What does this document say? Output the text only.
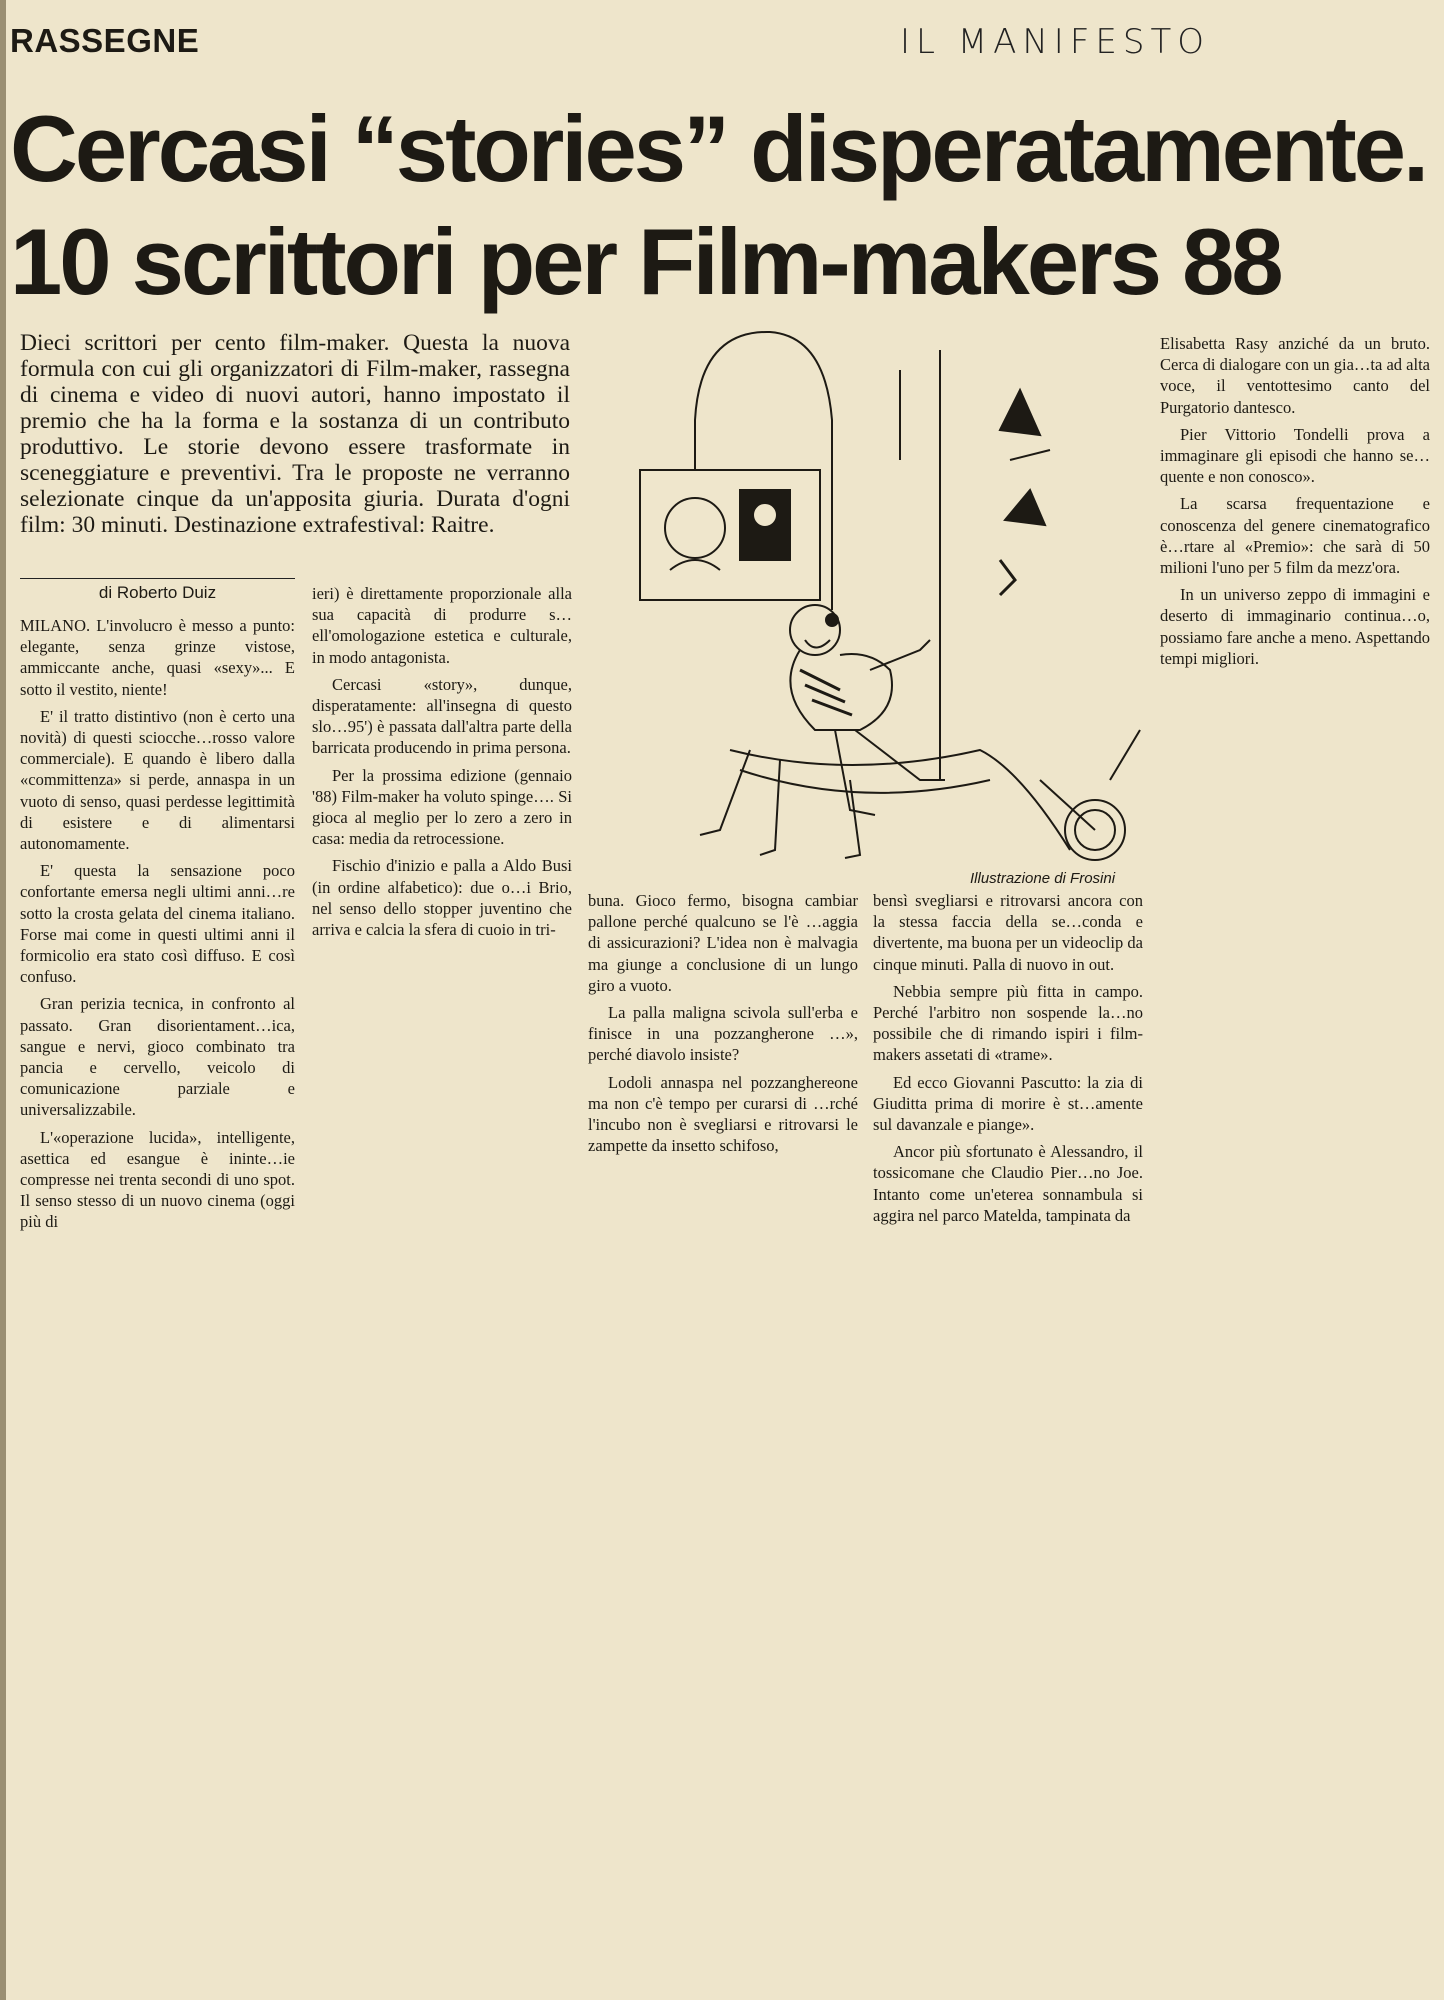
RASSEGNE	IL MANIFESTO
Cercasi “stories” disperatamente.
10 scrittori per Film-makers 88

Dieci scrittori per cento film-maker. Questa la nuova formula con cui gli organizzatori di Film-maker, rassegna di cinema e video di nuovi autori, hanno impostato il premio che ha la forma e la sostanza di un contributo produttivo. Le storie devono essere trasformate in sceneggiature e preventivi. Tra le proposte ne verranno selezionate cinque da un'apposita giuria. Durata d'ogni film: 30 minuti. Destinazione extrafestival: Raitre.

di Roberto Duiz

MILANO. L'involucro è messo a punto: elegante, senza grinze vistose, ammiccante anche, quasi «sexy»... E sotto il vestito, niente!

E' il tratto distintivo (non è certo una novità) di questi sciocche…rosso valore commerciale). E quando è libero dalla «committenza» si perde, annaspa in un vuoto di senso, quasi perdesse legittimità di esistere e di alimentarsi autonomamente.

E' questa la sensazione poco confortante emersa negli ultimi anni…re sotto la crosta gelata del cinema italiano. Forse mai come in questi ultimi anni il formicolio era stato così diffuso. E così confuso.

Gran perizia tecnica, in confronto al passato. Gran disorientament…ica, sangue e nervi, gioco combinato tra pancia e cervello, veicolo di comunicazione parziale e universalizzabile.

L'«operazione lucida», intelligente, asettica ed esangue è ininte…ie compresse nei trenta secondi di uno spot. Il senso stesso di un nuovo cinema (oggi più di

ieri) è direttamente proporzionale alla sua capacità di produrre s…ell'omologazione estetica e culturale, in modo antagonista.

Cercasi «story», dunque, disperatamente: all'insegna di questo slo…95') è passata dall'altra parte della barricata producendo in prima persona.

Per la prossima edizione (gennaio '88) Film-maker ha voluto spinge…. Si gioca al meglio per lo zero a zero in casa: media da retrocessione.

Fischio d'inizio e palla a Aldo Busi (in ordine alfabetico): due o…i Brio, nel senso dello stopper juventino che arriva e calcia la sfera di cuoio in tri-

Illustrazione di Frosini

buna. Gioco fermo, bisogna cambiar pallone perché qualcuno se l'è …aggia di assicurazioni? L'idea non è malvagia ma giunge a conclusione di un lungo giro a vuoto.

La palla maligna scivola sull'erba e finisce in una pozzangherone …», perché diavolo insiste?

Lodoli annaspa nel pozzanghereone ma non c'è tempo per curarsi di …rché l'incubo non è svegliarsi e ritrovarsi le zampette da insetto schifoso,

bensì svegliarsi e ritrovarsi ancora con la stessa faccia della se…conda e divertente, ma buona per un videoclip da cinque minuti. Palla di nuovo in out.

Nebbia sempre più fitta in campo. Perché l'arbitro non sospende la…no possibile che di rimando ispiri i film-makers assetati di «trame».

Ed ecco Giovanni Pascutto: la zia di Giuditta prima di morire è st…amente sul davanzale e piange».

Ancor più sfortunato è Alessandro, il tossicomane che Claudio Pier…no Joe. Intanto come un'eterea sonnambula si aggira nel parco Matelda, tampinata da

Elisabetta Rasy anziché da un bruto. Cerca di dialogare con un gia…ta ad alta voce, il ventottesimo canto del Purgatorio dantesco.

Pier Vittorio Tondelli prova a immaginare gli episodi che hanno se… quente e non conosco».

La scarsa frequentazione e conoscenza del genere cinematografico è…rtare al «Premio»: che sarà di 50 milioni l'uno per 5 film da mezz'ora.

In un universo zeppo di immagini e deserto di immaginario continua…o, possiamo fare anche a meno. Aspettando tempi migliori.
